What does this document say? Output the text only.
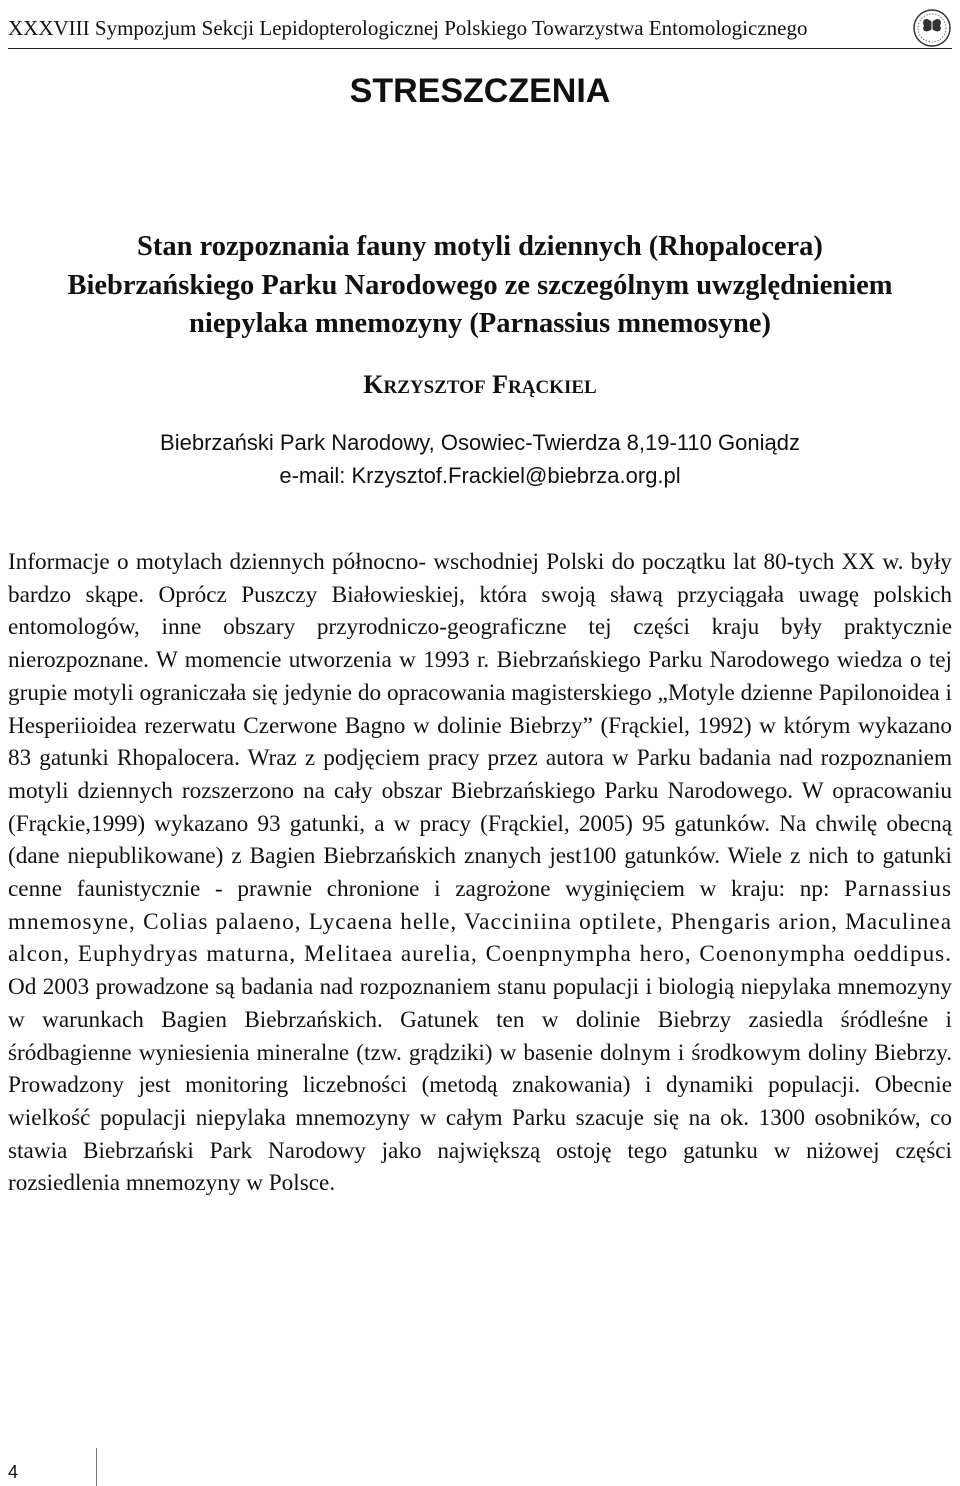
XXXVIII Sympozjum Sekcji Lepidopterologicznej Polskiego Towarzystwa Entomologicznego
STRESZCZENIA
Stan rozpoznania fauny motyli dziennych (Rhopalocera)
Biebrzańskiego Parku Narodowego ze szczególnym uwzględnieniem
niepylaka mnemozyny (Parnassius mnemosyne)
KRZYSZTOF FRĄCKIEL
Biebrzański Park Narodowy, Osowiec-Twierdza 8,19-110 Goniądz
e-mail: Krzysztof.Frackiel@biebrza.org.pl

Informacje o motylach dziennych północno- wschodniej Polski do początku lat 80-tych XX w. były bardzo skąpe. Oprócz Puszczy Białowieskiej, która swoją sławą przyciągała uwagę polskich entomologów, inne obszary przyrodniczo-geograficzne tej części kraju były praktycznie nierozpoznane. W momencie utworzenia w 1993 r. Biebrzańskiego Parku Narodowego wiedza o tej grupie motyli ograniczała się jedynie do opracowania magisterskiego „Motyle dzienne Papilonoidea i Hesperiioidea rezerwatu Czerwone Bagno w dolinie Biebrzy” (Frąckiel, 1992) w którym wykazano 83 gatunki Rhopalocera. Wraz z podjęciem pracy przez autora w Parku badania nad rozpoznaniem motyli dziennych rozszerzono na cały obszar Biebrzańskiego Parku Narodowego. W opracowaniu (Frąckie,1999) wykazano 93 gatunki, a w pracy (Frąckiel, 2005) 95 gatunków. Na chwilę obecną (dane niepublikowane) z Bagien Biebrzańskich znanych jest100 gatunków. Wiele z nich to gatunki cenne faunistycznie - prawnie chronione i zagrożone wyginięciem w kraju: np: Parnassius mnemosyne, Colias palaeno, Lycaena helle, Vacciniina optilete, Phengaris arion, Maculinea alcon, Euphydryas maturna, Melitaea aurelia, Coenpnympha hero, Coenonympha oeddipus. Od 2003 prowadzone są badania nad rozpoznaniem stanu populacji i biologią niepylaka mnemozyny w warunkach Bagien Biebrzańskich. Gatunek ten w dolinie Biebrzy zasiedla śródleśne i śródbagienne wyniesienia mineralne (tzw. grądziki) w basenie dolnym i środkowym doliny Biebrzy. Prowadzony jest monitoring liczebności (metodą znakowania) i dynamiki populacji. Obecnie wielkość populacji niepylaka mnemozyny w całym Parku szacuje się na ok. 1300 osobników, co stawia Biebrzański Park Narodowy jako największą ostoję tego gatunku w niżowej części rozsiedlenia mnemozyny w Polsce.

4
